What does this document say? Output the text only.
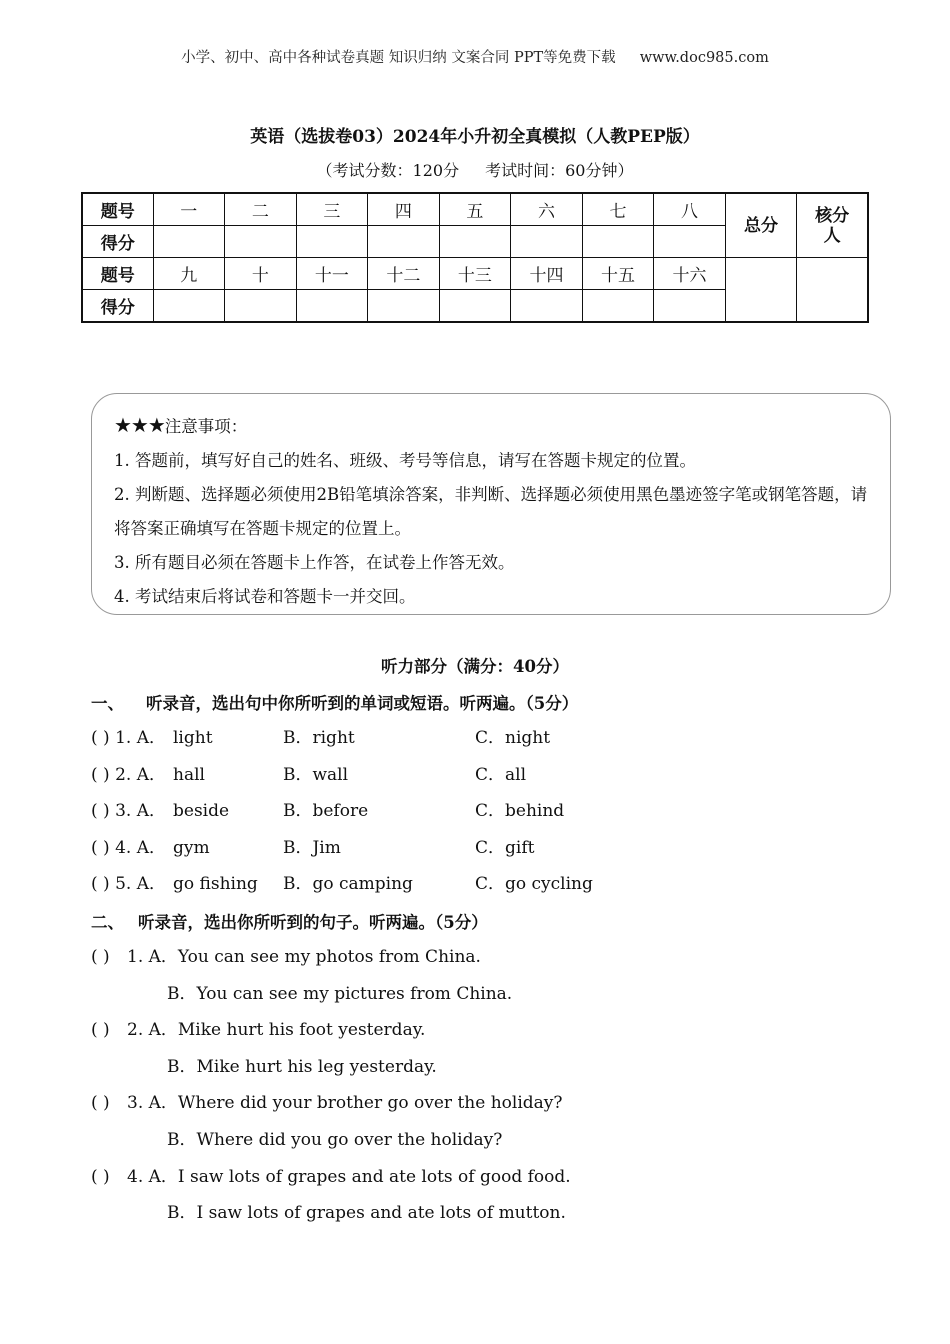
小学、初中、高中各种试卷真题 知识归纳 文案合同 PPT等免费下载 www.doc985.com
英语（选拔卷03）2024年小升初全真模拟（人教PEP版）
（考试分数：120分 考试时间：60分钟）
题号	一	二	三	四	五	六	七	八	总分	核分人
得分										
题号	九	十	十一	十二	十三	十四	十五	十六		
得分										

★★★注意事项：

1. 答题前，填写好自己的姓名、班级、考号等信息，请写在答题卡规定的位置。

2. 判断题、选择题必须使用2B铅笔填涂答案，非判断、选择题必须使用黑色墨迹签字笔或钢笔答题，请将答案正确填写在答题卡规定的位置上。

3. 所有题目必须在答题卡上作答，在试卷上作答无效。

4. 考试结束后将试卷和答题卡一并交回。

听力部分（满分：40分）
一、 听录音，选出句中你所听到的单词或短语。听两遍。（5分）
( ) 1. A． light	B．right	C．night
( ) 2. A． hall	B．wall	C．all
( ) 3. A． beside	B．before	C．behind
( ) 4. A． gym	B．Jim	C．gift
( ) 5. A． go fishing B．go camping	C．go cycling
二、 听录音，选出你所听到的句子。听两遍。（5分）
( ) 1. A．You can see my photos from China.
B．You can see my pictures from China.
( ) 2. A．Mike hurt his foot yesterday.
B．Mike hurt his leg yesterday.
( ) 3. A．Where did your brother go over the holiday?
B．Where did you go over the holiday?
( ) 4. A．I saw lots of grapes and ate lots of good food.
B．I saw lots of grapes and ate lots of mutton.
